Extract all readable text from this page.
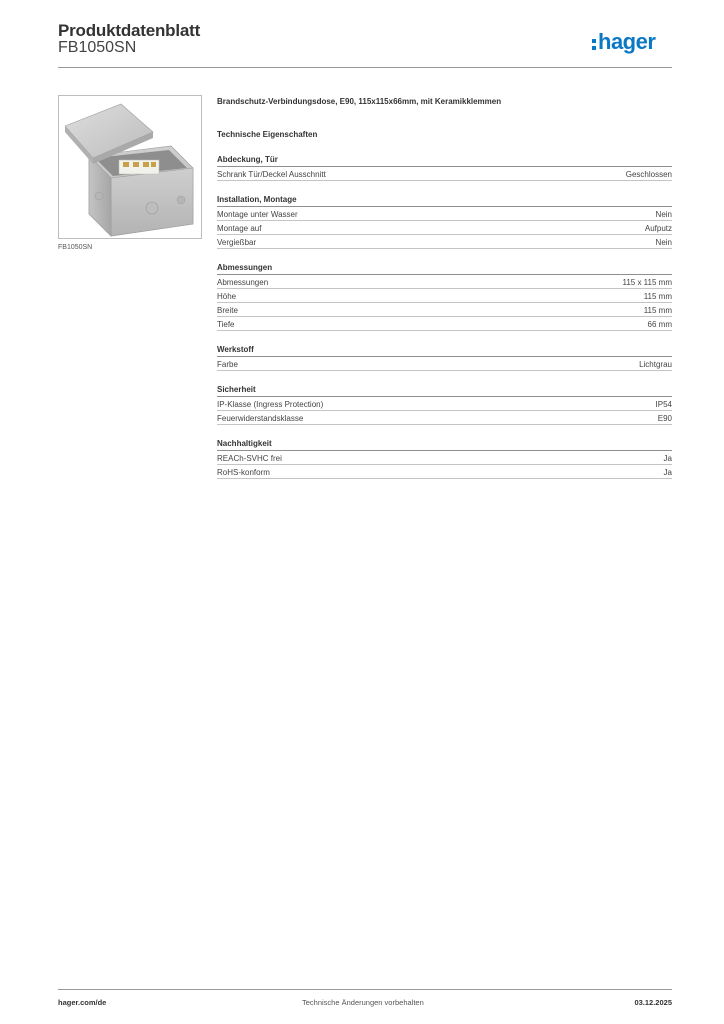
Produktdatenblatt
FB1050SN	hager
FB1050SN
Brandschutz-Verbindungsdose, E90, 115x115x66mm, mit Keramikklemmen
Technische Eigenschaften
Abdeckung, Tür
Schrank Tür/Deckel Ausschnitt	Geschlossen
Installation, Montage
Montage unter Wasser	Nein
Montage auf	Aufputz
Vergießbar	Nein
Abmessungen
Abmessungen	115 x 115 mm
Höhe	115 mm
Breite	115 mm
Tiefe	66 mm
Werkstoff
Farbe	Lichtgrau
Sicherheit
IP-Klasse (Ingress Protection)	IP54
Feuerwiderstandsklasse	E90
Nachhaltigkeit
REACh-SVHC frei	Ja
RoHS-konform	Ja
hager.com/de	Technische Änderungen vorbehalten	03.12.2025
